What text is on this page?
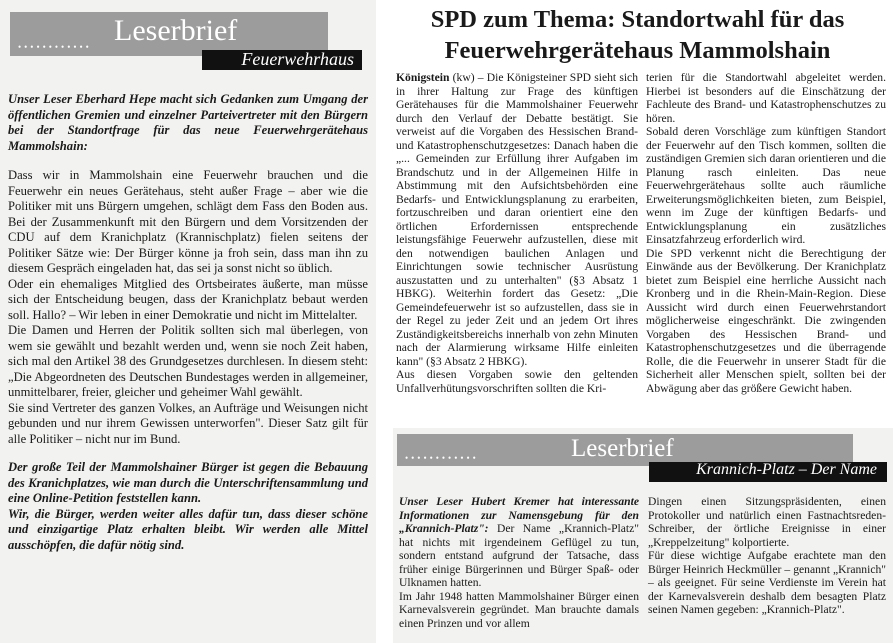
Leserbrief
••••••••••••
Feuerwehrhaus

Unser Leser Eberhard Hepe macht sich Gedanken zum Umgang der öffentlichen Gremien und einzelner Parteivertreter mit den Bürgern bei der Standortfrage für das neue Feuerwehrgerätehaus Mammolshain:

Dass wir in Mammolshain eine Feuerwehr brauchen und die Feuerwehr ein neues Gerätehaus, steht außer Frage – aber wie die Politiker mit uns Bürgern umgehen, schlägt dem Fass den Boden aus. Bei der Zusammenkunft mit den Bürgern und dem Vorsitzenden der CDU auf dem Kranichplatz (Krannischplatz) fielen seitens der Politiker Sätze wie: Der Bürger könne ja froh sein, dass man ihn zu diesem Gespräch eingeladen hat, das sei ja sonst nicht so üblich.

Oder ein ehemaliges Mitglied des Ortsbeirates äußerte, man müsse sich der Entscheidung beugen, dass der Kranichplatz bebaut werden soll. Hallo? – Wir leben in einer Demokratie und nicht im Mittelalter.

Die Damen und Herren der Politik sollten sich mal überlegen, von wem sie gewählt und bezahlt werden und, wenn sie noch Zeit haben, sich mal den Artikel 38 des Grundgesetzes durchlesen. In diesem steht: „Die Abgeordneten des Deutschen Bundestages werden in allgemeiner, unmittelbarer, freier, gleicher und geheimer Wahl gewählt.

Sie sind Vertreter des ganzen Volkes, an Aufträge und Weisungen nicht gebunden und nur ihrem Gewissen unterworfen". Dieser Satz gilt für alle Politiker – nicht nur im Bund.

Der große Teil der Mammolshainer Bürger ist gegen die Bebauung des Kranichplatzes, wie man durch die Unterschriftensammlung und eine Online-Petition feststellen kann.
Wir, die Bürger, werden weiter alles dafür tun, dass dieser schöne und einzigartige Platz erhalten bleibt. Wir werden alle Mittel ausschöpfen, die dafür nötig sind.

SPD zum Thema: Standortwahl für das
Feuerwehrgerätehaus Mammolshain

Königstein (kw) – Die Königsteiner SPD sieht sich in ihrer Haltung zur Frage des künftigen Gerätehauses für die Mammolshainer Feuerwehr durch den Verlauf der Debatte bestätigt. Sie verweist auf die Vorgaben des Hessischen Brand- und Katastrophenschutzgesetzes: Danach haben die „... Gemeinden zur Erfüllung ihrer Aufgaben im Brandschutz und in der Allgemeinen Hilfe in Abstimmung mit den Aufsichtsbehörden eine Bedarfs- und Entwicklungsplanung zu erarbeiten, fortzuschreiben und daran orientiert eine den örtlichen Erfordernissen entsprechende leistungsfähige Feuerwehr aufzustellen, diese mit den notwendigen baulichen Anlagen und Einrichtungen sowie technischer Ausrüstung auszustatten und zu unterhalten" (§3 Absatz 1 HBKG). Weiterhin fordert das Gesetz: „Die Gemeindefeuerwehr ist so aufzustellen, dass sie in der Regel zu jeder Zeit und an jedem Ort ihres Zuständigkeitsbereichs innerhalb von zehn Minuten nach der Alarmierung wirksame Hilfe einleiten kann" (§3 Absatz 2 HBKG).

Aus diesen Vorgaben sowie den geltenden Unfallverhütungsvorschriften sollten die Kri-

terien für die Standortwahl abgeleitet werden. Hierbei ist besonders auf die Einschätzung der Fachleute des Brand- und Katastrophenschutzes zu hören.

Sobald deren Vorschläge zum künftigen Standort der Feuerwehr auf den Tisch kommen, sollten die zuständigen Gremien sich daran orientieren und die Planung rasch einleiten. Das neue Feuerwehrgerätehaus sollte auch räumliche Erweiterungsmöglichkeiten bieten, zum Beispiel, wenn im Zuge der künftigen Bedarfs- und Entwicklungsplanung ein zusätzliches Einsatzfahrzeug erforderlich wird.

Die SPD verkennt nicht die Berechtigung der Einwände aus der Bevölkerung. Der Kranichplatz bietet zum Beispiel eine herrliche Aussicht nach Kronberg und in die Rhein-Main-Region. Diese Aussicht wird durch einen Feuerwehrstandort möglicherweise eingeschränkt. Die zwingenden Vorgaben des Hessischen Brand- und Katastrophenschutzgesetzes und die überragende Rolle, die die Feuerwehr in unserer Stadt für die Sicherheit aller Menschen spielt, sollten bei der Abwägung aber das größere Gewicht haben.

Leserbrief
••••••••••••
Krannich-Platz – Der Name

Unser Leser Hubert Kremer hat interessante Informationen zur Namensgebung für den „Krannich-Platz": Der Name „Krannich-Platz" hat nichts mit irgendeinem Geflügel zu tun, sondern entstand aufgrund der Tatsache, dass früher einige Bürgerinnen und Bürger Spaß- oder Ulknamen hatten.

Im Jahr 1948 hatten Mammolshainer Bürger einen Karnevalsverein gegründet. Man brauchte damals einen Prinzen und vor allem

Dingen einen Sitzungspräsidenten, einen Protokoller und natürlich einen Fastnachtsreden-Schreiber, der örtliche Ereignisse in einer „Kreppelzeitung" kolportierte.

Für diese wichtige Aufgabe erachtete man den Bürger Heinrich Heckmüller – genannt „Krannich" – als geeignet. Für seine Verdienste im Verein hat der Karnevalsverein deshalb dem besagten Platz seinen Namen gegeben: „Krannich-Platz".
